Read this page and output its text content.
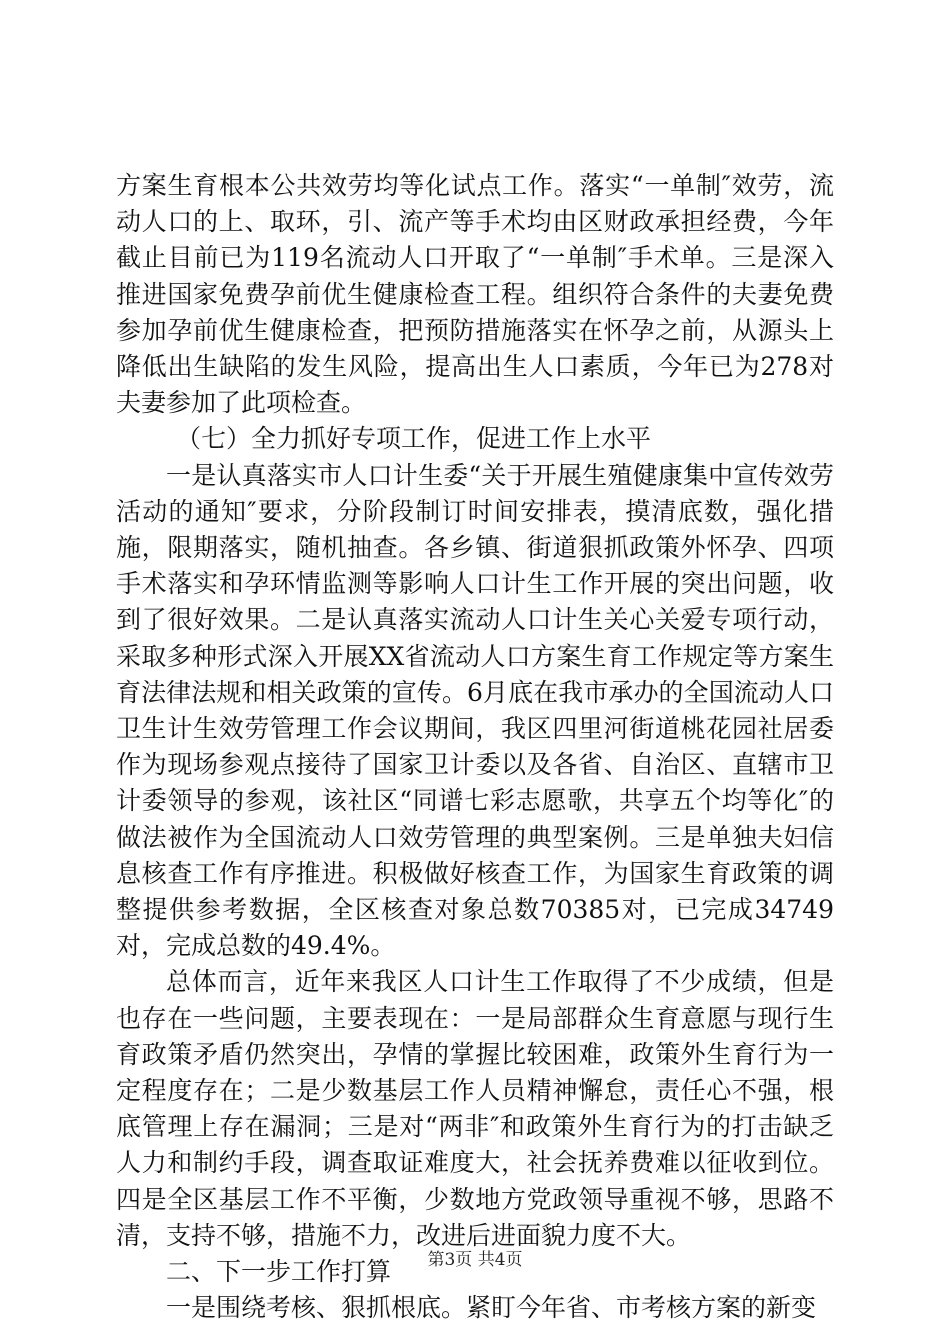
方案生育根本公共效劳均等化试点工作。落实“一单制″效劳，流动人口的上、取环，引、流产等手术均由区财政承担经费，今年截止目前已为119名流动人口开取了“一单制″手术单。三是深入推进国家免费孕前优生健康检查工程。组织符合条件的夫妻免费参加孕前优生健康检查，把预防措施落实在怀孕之前，从源头上降低出生缺陷的发生风险，提高出生人口素质，今年已为278对夫妻参加了此项检查。

（七）全力抓好专项工作，促进工作上水平

一是认真落实市人口计生委“关于开展生殖健康集中宣传效劳活动的通知″要求，分阶段制订时间安排表，摸清底数，强化措施，限期落实，随机抽查。各乡镇、街道狠抓政策外怀孕、四项手术落实和孕环情监测等影响人口计生工作开展的突出问题，收到了很好效果。二是认真落实流动人口计生关心关爱专项行动，采取多种形式深入开展XX省流动人口方案生育工作规定等方案生育法律法规和相关政策的宣传。6月底在我市承办的全国流动人口卫生计生效劳管理工作会议期间，我区四里河街道桃花园社居委作为现场参观点接待了国家卫计委以及各省、自治区、直辖市卫计委领导的参观，该社区“同谱七彩志愿歌，共享五个均等化″的做法被作为全国流动人口效劳管理的典型案例。三是单独夫妇信息核查工作有序推进。积极做好核查工作，为国家生育政策的调整提供参考数据，全区核查对象总数70385对，已完成34749对，完成总数的49.4%。

总体而言，近年来我区人口计生工作取得了不少成绩，但是也存在一些问题，主要表现在：一是局部群众生育意愿与现行生育政策矛盾仍然突出，孕情的掌握比较困难，政策外生育行为一定程度存在；二是少数基层工作人员精神懈怠，责任心不强，根底管理上存在漏洞；三是对“两非″和政策外生育行为的打击缺乏人力和制约手段，调查取证难度大，社会抚养费难以征收到位。四是全区基层工作不平衡，少数地方党政领导重视不够，思路不清，支持不够，措施不力，改进后进面貌力度不大。

二、下一步工作打算

一是围绕考核、狠抓根底。紧盯今年省、市考核方案的新变

第3页 共4页
